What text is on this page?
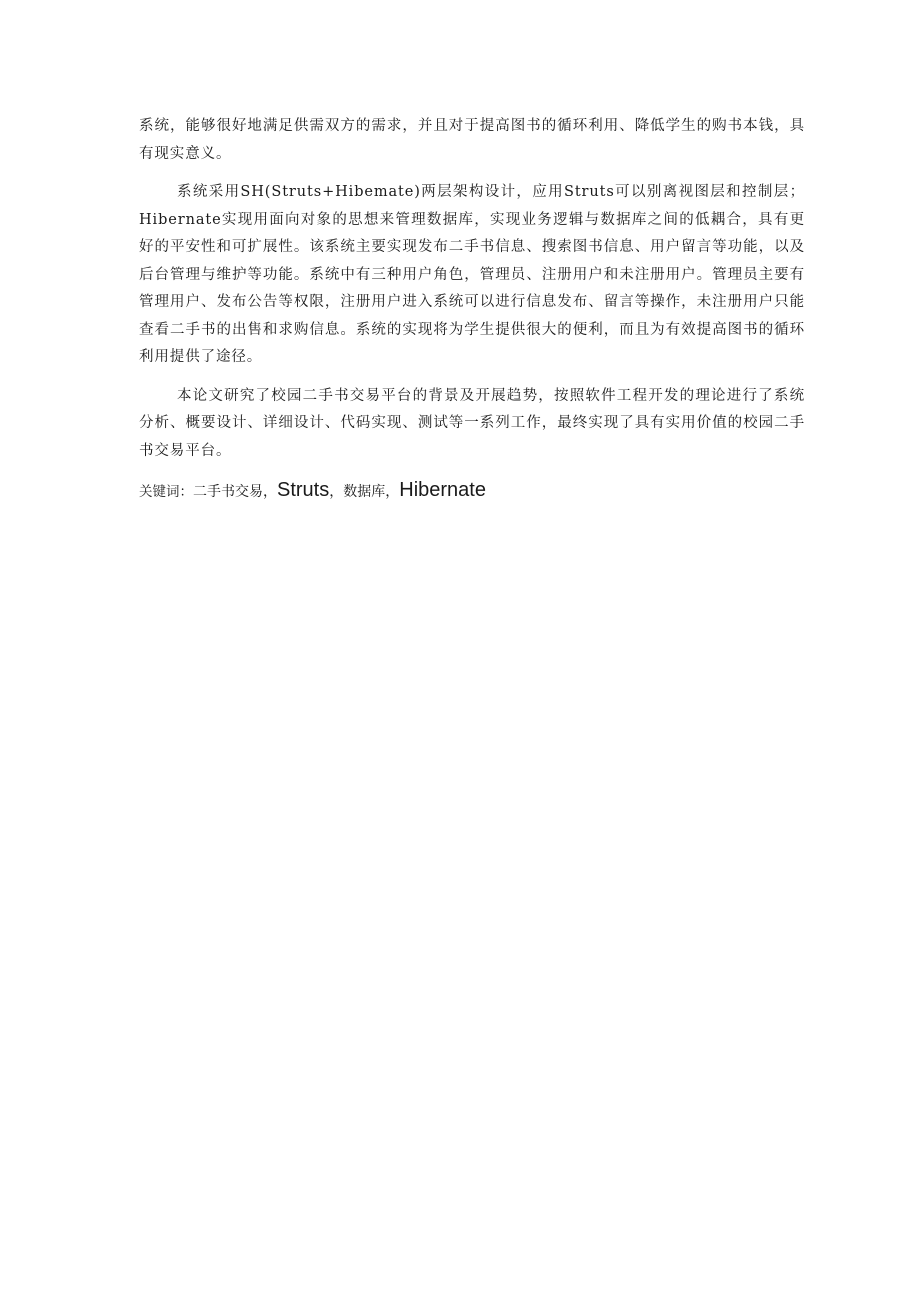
系统，能够很好地满足供需双方的需求，并且对于提高图书的循环利用、降低学生的购书本钱，具有现实意义。

系统采用SH(Struts+Hibemate)两层架构设计，应用Struts可以别离视图层和控制层；Hibernate实现用面向对象的思想来管理数据库，实现业务逻辑与数据库之间的低耦合，具有更好的平安性和可扩展性。该系统主要实现发布二手书信息、搜索图书信息、用户留言等功能，以及后台管理与维护等功能。系统中有三种用户角色，管理员、注册用户和未注册用户。管理员主要有管理用户、发布公告等权限，注册用户进入系统可以进行信息发布、留言等操作，未注册用户只能查看二手书的出售和求购信息。系统的实现将为学生提供很大的便利，而且为有效提高图书的循环利用提供了途径。

本论文研究了校园二手书交易平台的背景及开展趋势，按照软件工程开发的理论进行了系统分析、概要设计、详细设计、代码实现、测试等一系列工作，最终实现了具有实用价值的校园二手书交易平台。

关键词：二手书交易，Struts，数据库，Hibernate
